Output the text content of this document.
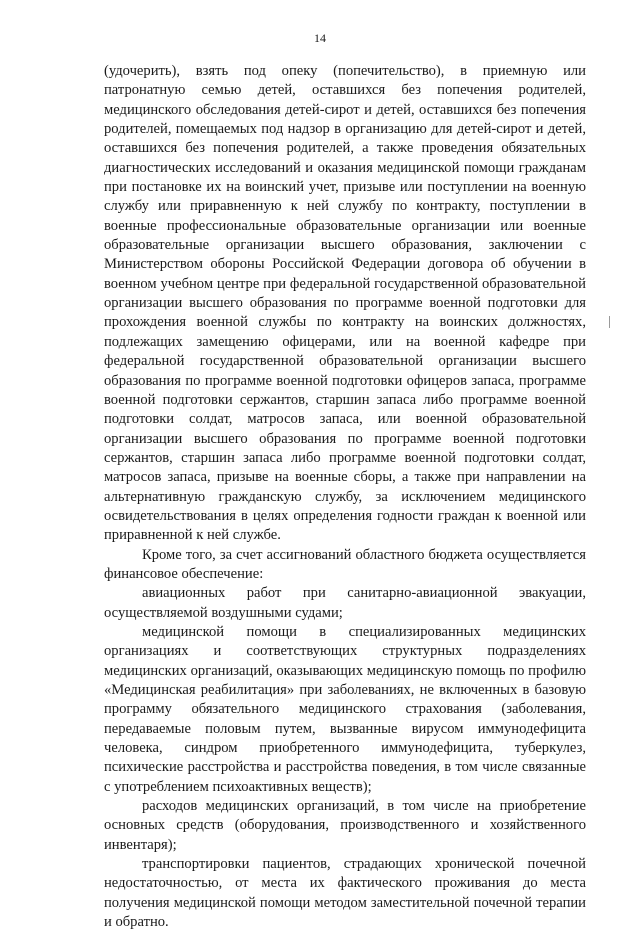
14

(удочерить), взять под опеку (попечительство), в приемную или патронатную семью детей, оставшихся без попечения родителей, медицинского обследования детей-сирот и детей, оставшихся без попечения родителей, помещаемых под надзор в организацию для детей-сирот и детей, оставшихся без попечения родителей, а также проведения обязательных диагностических исследований и оказания медицинской помощи гражданам при постановке их на воинский учет, призыве или поступлении на военную службу или приравненную к ней службу по контракту, поступлении в военные профессиональные образовательные организации или военные образовательные организации высшего образования, заключении с Министерством обороны Российской Федерации договора об обучении в военном учебном центре при федеральной государственной образовательной организации высшего образования по программе военной подготовки для прохождения военной службы по контракту на воинских должностях, подлежащих замещению офицерами, или на военной кафедре при федеральной государственной образовательной организации высшего образования по программе военной подготовки офицеров запаса, программе военной подготовки сержантов, старшин запаса либо программе военной подготовки солдат, матросов запаса, или военной образовательной организации высшего образования по программе военной подготовки сержантов, старшин запаса либо программе военной подготовки солдат, матросов запаса, призыве на военные сборы, а также при направлении на альтернативную гражданскую службу, за исключением медицинского освидетельствования в целях определения годности граждан к военной или приравненной к ней службе.

Кроме того, за счет ассигнований областного бюджета осуществляется финансовое обеспечение:

авиационных работ при санитарно-авиационной эвакуации, осуществляемой воздушными судами;

медицинской помощи в специализированных медицинских организациях и соответствующих структурных подразделениях медицинских организаций, оказывающих медицинскую помощь по профилю «Медицинская реабилитация» при заболеваниях, не включенных в базовую программу обязательного медицинского страхования (заболевания, передаваемые половым путем, вызванные вирусом иммунодефицита человека, синдром приобретенного иммунодефицита, туберкулез, психические расстройства и расстройства поведения, в том числе связанные с употреблением психоактивных веществ);

расходов медицинских организаций, в том числе на приобретение основных средств (оборудования, производственного и хозяйственного инвентаря);

транспортировки пациентов, страдающих хронической почечной недостаточностью, от места их фактического проживания до места получения медицинской помощи методом заместительной почечной терапии и обратно.
